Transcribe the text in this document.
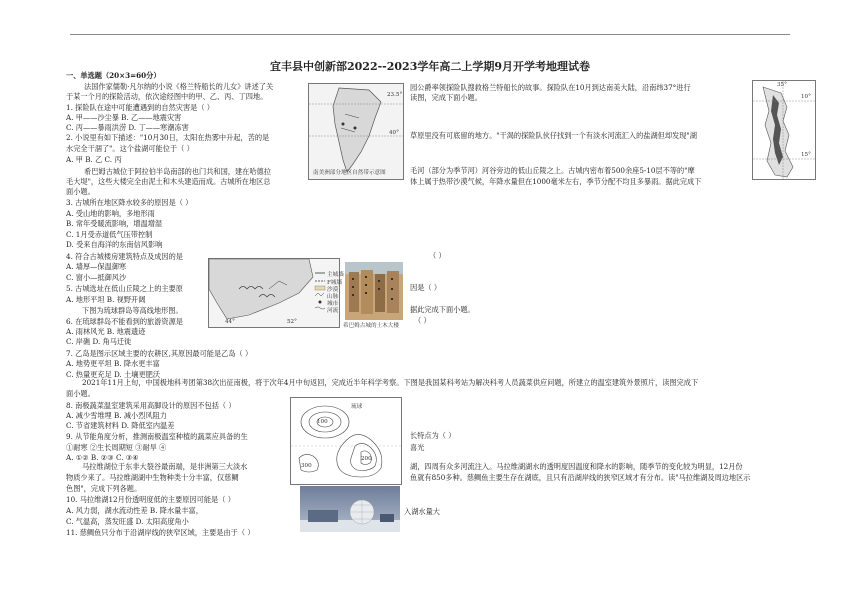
宜丰县中创新部2022--2023学年高二上学期9月开学考地理试卷
一、单选题（20×3=60分）
法国作家儒勒·凡尔纳的小说《格兰特船长的儿女》讲述了关
于某一个月的探险活动，依次途经图中的甲、乙、丙、丁四地。
1. 探险队在途中可能遭遇到的自然灾害是（ ）
A. 甲——沙尘暴 B. 乙——地震灾害
C. 丙——暴雨洪涝 D. 丁——寒潮冻害
2. 小说里有如下描述："10月30日，太阳在热雾中升起，苦的是
水完全干涸了"。这个盐湖可能位于（ ）
A. 甲 B. 乙 C. 丙
希巴姆古城位于阿拉伯半岛南部的也门共和国，建在哈德拉
毛大堤"，这些大楼完全由泥土和木头建造而成。古城所在地区总
面小题。
3. 古城所在地区降水较多的原因是（ ）
A. 受山地的影响，多地形雨
B. 常年受暖流影响，增温增湿
C. 1月受赤道低气压带控制
D. 受来自海洋的东南信风影响
4. 符合古城楼房建筑特点及成因的是
A. 墙厚—保温御寒
C. 窗小—抵御风沙
5. 古城选址在低山丘陵之上的主要原
A. 地形平坦 B. 视野开阔
下图为琉球群岛等高线地形图。
6. 在琉球群岛不能看到的旅游资源是
A. 雨林风光 B. 地震遗迹
C. 岸礁 D. 角马迁徙
7. 乙岛是图示区域主要的农耕区,其原因最可能是乙岛（ ）
A. 地势更平坦 B. 降水更丰富
C. 热量更充足 D. 土壤更肥沃
园公爵率领探险队搜救格兰特船长的故事。探险队在10月到达南美大陆，沿南纬37°进行
读图，完成下面小题。
草原里没有可底留的地方。"干渴的探险队伙仔找到一个有淡水河流汇入的盐湖但却发现"湖
毛河（部分为季节河）河谷旁边的低山丘陵之上。古城内密布着500余座5-10层不等的"摩
体上属于热带沙漠气候，年降水量但在1000毫米左右，季节分配不均且多暴雨。据此完成下
（ ）
因是（ ）
据此完成下面小题。
（ ）
23.5°
40°
南美洲部分地区自然带示意图
10°
15°
35°
主城墙
F城墙
沙漠
山脉
城市
河流
44°	52°
希巴姆古城的土木大楼
2021年11月上旬，中国极地科考团第38次出征南极，将于次年4月中旬返回，完成近半年科学考察。下图是我国某科考站为解决科考人员蔬菜供应问题，所建立的温室建筑外景照片，读图完成下
面小题。
8. 南极蔬菜温室建筑采用高脚设计的原因不包括（ ）
A. 减少雪堆埋 B. 减小烈风阻力
C. 节省建筑材料 D. 降低室内温差
9. 从节能角度分析，推测南极温室种植的蔬菜应具备的生
①耐寒 ②生长周期短 ③耐旱 ④
A. ①② B. ②③ C. ③④
长特点为（ ）
喜光
100
200
300
琉球
马拉维湖位于东非大裂谷最南端，是非洲第三大淡水
物质少来了。马拉维湖湖中生物种类十分丰富，仅慈鲷
色图"，完成下列各题。
湖，四周有众多河流注入。马拉维湖湖水的透明度因温度和降水的影响，随季节的变化较为明显，12月份
鱼就有850多种。慈鲷鱼主要生存在湖底，且只有沿湖岸线的狭窄区域才有分布。读"马拉维湖及周边地区示
10. 马拉维湖12月份透明度低的主要原因可能是（ ）
A. 风力弱，湖水流动性差 B. 降水量丰富，
C. 气温高，蒸发旺盛 D. 太阳高度角小
11. 慈鲷鱼只分布于沿湖岸线的狭窄区域，主要是由于（ ）
入湖水量大
